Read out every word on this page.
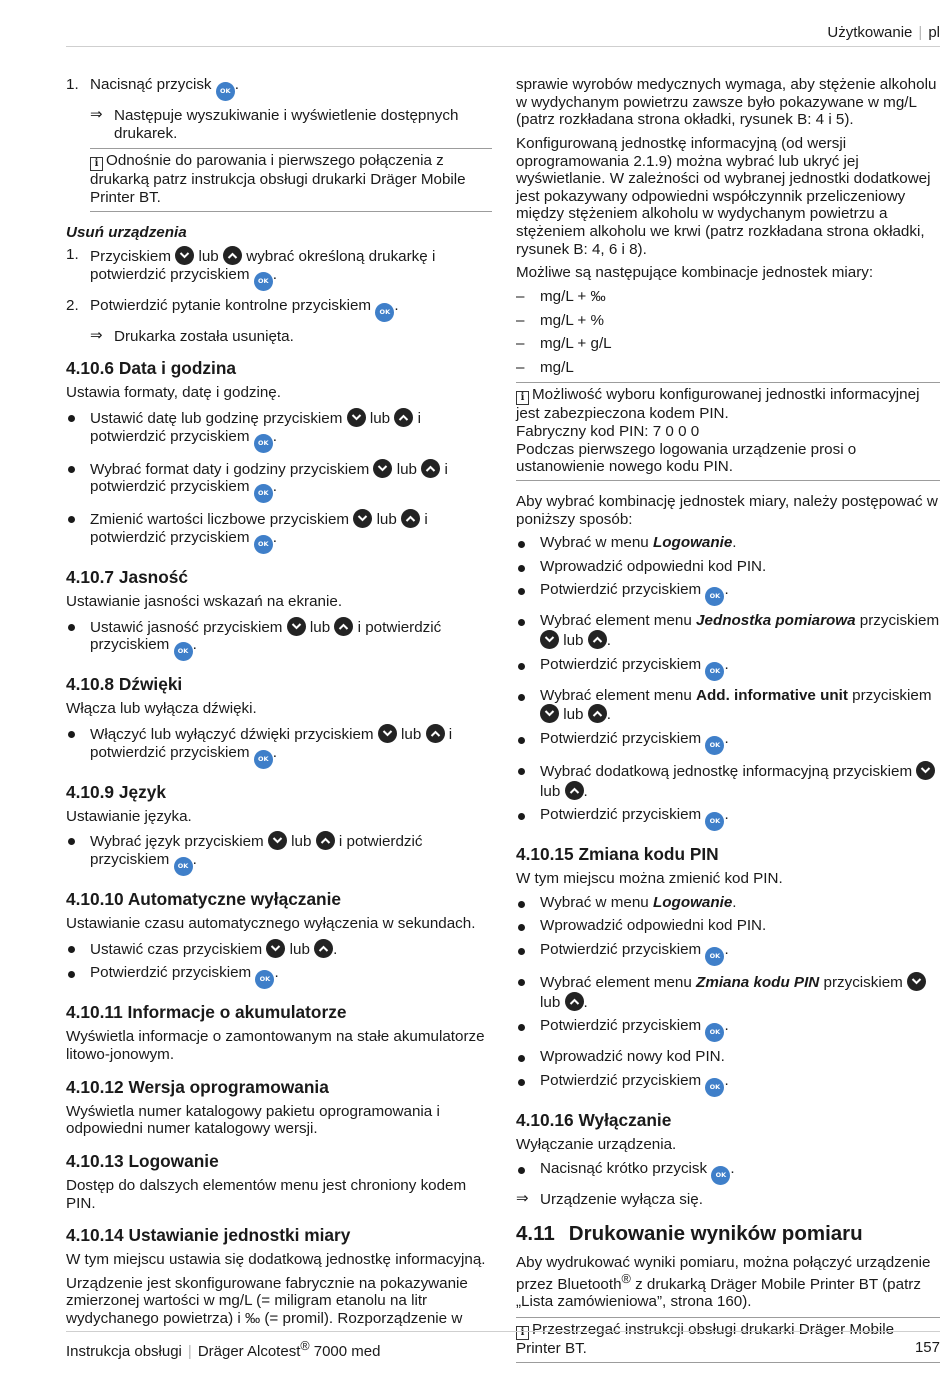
Użytkowanie | pl
1. Nacisnąć przycisk OK .
⇒ Następuje wyszukiwanie i wyświetlenie dostępnych drukarek.
i Odnośnie do parowania i pierwszego połączenia z drukarką patrz instrukcja obsługi drukarki Dräger Mobile Printer BT.
Usuń urządzenia
1. Przyciskiem lub wybrać określoną drukarkę i potwierdzić przyciskiem OK .
2. Potwierdzić pytanie kontrolne przyciskiem OK .
⇒ Drukarka została usunięta.
4.10.6 Data i godzina

Ustawia formaty, datę i godzinę.

Ustawić datę lub godzinę przyciskiem lub i potwierdzić przyciskiem OK .
Wybrać format daty i godziny przyciskiem lub i potwierdzić przyciskiem OK .
Zmienić wartości liczbowe przyciskiem lub i potwierdzić przyciskiem OK .
4.10.7 Jasność

Ustawianie jasności wskazań na ekranie.

Ustawić jasność przyciskiem lub i potwierdzić przyciskiem OK .
4.10.8 Dźwięki

Włącza lub wyłącza dźwięki.

Włączyć lub wyłączyć dźwięki przyciskiem lub i potwierdzić przyciskiem OK .
4.10.9 Język

Ustawianie języka.

Wybrać język przyciskiem lub i potwierdzić przyciskiem OK .
4.10.10 Automatyczne wyłączanie

Ustawianie czasu automatycznego wyłączenia w sekundach.

Ustawić czas przyciskiem lub .
Potwierdzić przyciskiem OK .
4.10.11 Informacje o akumulatorze

Wyświetla informacje o zamontowanym na stałe akumulatorze litowo-jonowym.

4.10.12 Wersja oprogramowania

Wyświetla numer katalogowy pakietu oprogramowania i odpowiedni numer katalogowy wersji.

4.10.13 Logowanie

Dostęp do dalszych elementów menu jest chroniony kodem PIN.

4.10.14 Ustawianie jednostki miary

W tym miejscu ustawia się dodatkową jednostkę informacyjną.

Urządzenie jest skonfigurowane fabrycznie na pokazywanie zmierzonej wartości w mg/L (= miligram etanolu na litr wydychanego powietrza) i ‰ (= promil). Rozporządzenie w

sprawie wyrobów medycznych wymaga, aby stężenie alkoholu w wydychanym powietrzu zawsze było pokazywane w mg/L (patrz rozkładana strona okładki, rysunek B: 4 i 5).

Konfigurowaną jednostkę informacyjną (od wersji oprogramowania 2.1.9) można wybrać lub ukryć jej wyświetlanie. W zależności od wybranej jednostki dodatkowej jest pokazywany odpowiedni współczynnik przeliczeniowy między stężeniem alkoholu w wydychanym powietrzu a stężeniem alkoholu we krwi (patrz rozkładana strona okładki, rysunek B: 4, 6 i 8).

Możliwe są następujące kombinacje jednostek miary:

– mg/L + ‰
– mg/L + %
– mg/L + g/L
– mg/L
i Możliwość wyboru konfigurowanej jednostki informacyjnej jest zabezpieczona kodem PIN.
Fabryczny kod PIN: 7 0 0 0
Podczas pierwszego logowania urządzenie prosi o ustanowienie nowego kodu PIN.

Aby wybrać kombinację jednostek miary, należy postępować w poniższy sposób:

Wybrać w menu Logowanie.
Wprowadzić odpowiedni kod PIN.
Potwierdzić przyciskiem OK .
Wybrać element menu Jednostka pomiarowa przyciskiem
lub .
Potwierdzić przyciskiem OK .
Wybrać element menu Add. informative unit przyciskiem
lub .
Potwierdzić przyciskiem OK .
Wybrać dodatkową jednostkę informacyjną przyciskiem
lub .
Potwierdzić przyciskiem OK .
4.10.15 Zmiana kodu PIN

W tym miejscu można zmienić kod PIN.

Wybrać w menu Logowanie.
Wprowadzić odpowiedni kod PIN.
Potwierdzić przyciskiem OK .
Wybrać element menu Zmiana kodu PIN przyciskiem
lub .
Potwierdzić przyciskiem OK .
Wprowadzić nowy kod PIN.
Potwierdzić przyciskiem OK .
4.10.16 Wyłączanie

Wyłączanie urządzenia.

Nacisnąć krótko przycisk OK .
⇒ Urządzenie wyłącza się.
4.11 Drukowanie wyników pomiaru

Aby wydrukować wyniki pomiaru, można połączyć urządzenie przez Bluetooth® z drukarką Dräger Mobile Printer BT (patrz „Lista zamówieniowa”, strona 160).

i Przestrzegać instrukcji obsługi drukarki Dräger Mobile Printer BT.
Instrukcja obsługi | Dräger Alcotest® 7000 med	157
